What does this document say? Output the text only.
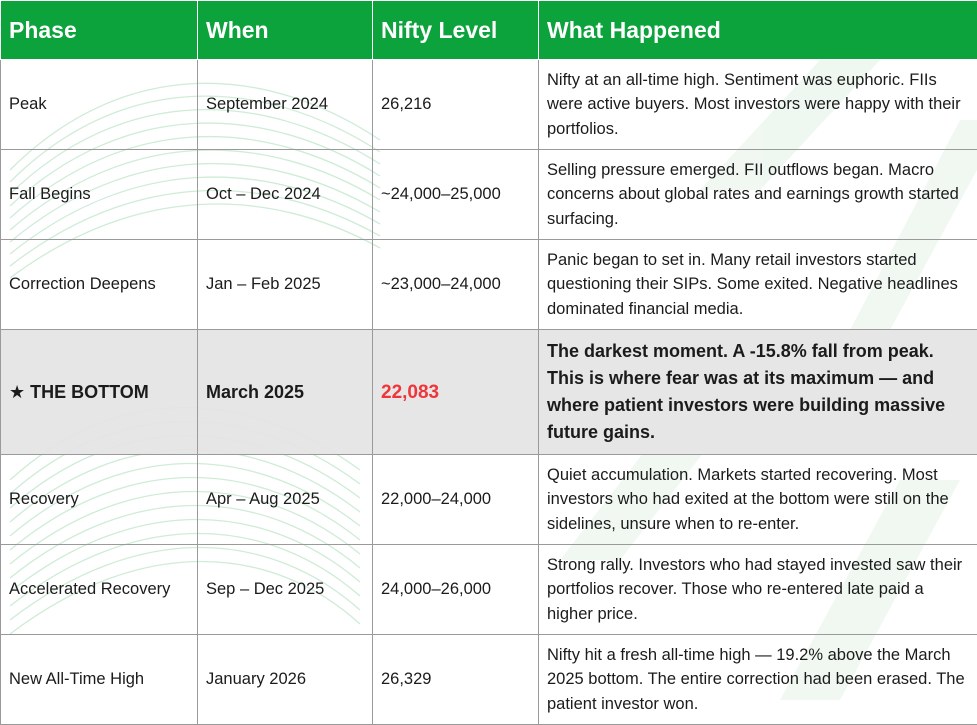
Phase	When	Nifty Level	What Happened
Peak	September 2024	26,216	Nifty at an all-time high. Sentiment was euphoric. FIIs were active buyers. Most investors were happy with their portfolios.
Fall Begins	Oct – Dec 2024	~24,000–25,000	Selling pressure emerged. FII outflows began. Macro concerns about global rates and earnings growth started surfacing.
Correction Deepens	Jan – Feb 2025	~23,000–24,000	Panic began to set in. Many retail investors started questioning their SIPs. Some exited. Negative headlines dominated financial media.
★ THE BOTTOM	March 2025	22,083	The darkest moment. A -15.8% fall from peak. This is where fear was at its maximum — and where patient investors were building massive future gains.
Recovery	Apr – Aug 2025	22,000–24,000	Quiet accumulation. Markets started recovering. Most investors who had exited at the bottom were still on the sidelines, unsure when to re-enter.
Accelerated Recovery	Sep – Dec 2025	24,000–26,000	Strong rally. Investors who had stayed invested saw their portfolios recover. Those who re-entered late paid a higher price.
New All-Time High	January 2026	26,329	Nifty hit a fresh all-time high — 19.2% above the March 2025 bottom. The entire correction had been erased. The patient investor won.
